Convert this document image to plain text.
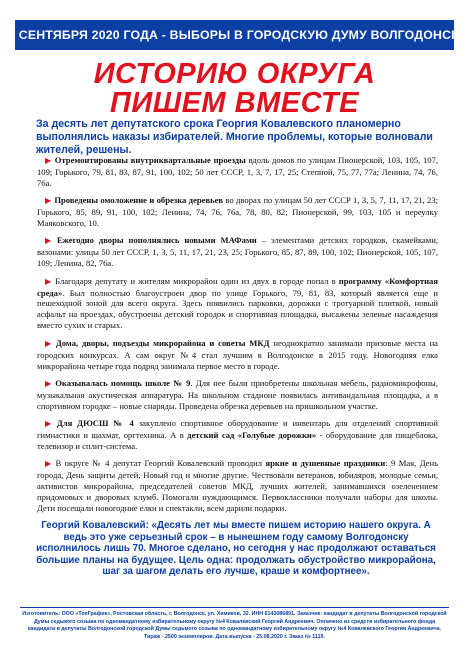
13 СЕНТЯБРЯ 2020 ГОДА - ВЫБОРЫ В ГОРОДСКУЮ ДУМУ ВОЛГОДОНСКА
ИСТОРИЮ ОКРУГА
ПИШЕМ ВМЕСТЕ
За десять лет депутатского срока Георгия Ковалевского планомерно выполнялись наказы избирателей. Многие проблемы, которые волновали жителей, решены.

▶ Отремонтированы внутриквартальные проезды вдоль домов по улицам Пионерской, 103, 105, 107, 109; Горького, 79, 81, 83, 87, 91, 100, 102; 50 лет СССР, 1, 3, 7, 17, 25; Степной, 75, 77, 77а; Ленина, 74, 76, 76а.

▶ Проведены омоложение и обрезка деревьев во дворах по улицам 50 лет СССР 1, 3, 5, 7, 11, 17, 21, 23; Горького, 85, 89, 91, 100, 102; Ленина, 74, 76, 76а, 78, 80, 82; Пионерской, 99, 103, 105 и переулку Маяковского, 10.

▶ Ежегодно дворы пополнялись новыми МАФами – элементами детских городков, скамейками, вазонами: улицы 50 лет СССР, 1, 3, 5, 11, 17, 21, 23, 25; Горького, 85, 87, 89, 100, 102; Пионерской, 105, 107, 109; Ленина, 82, 76а.

▶ Благодаря депутату и жителям микрорайон один из двух в городе попал в программу «Комфортная среда». Был полностью благоустроен двор по улице Горького, 79, 81, 83, который является еще и пешеходной зоной для всего округа. Здесь появились парковки, дорожки с тротуарной плиткой, новый асфальт на проездах, обустроены детский городок и спортивная площадка, высажены зеленые насаждения вместо сухих и старых.

▶ Дома, дворы, подъезды микрорайона и советы МКД неоднократно занимали призовые места на городских конкурсах. А сам округ №4 стал лучшим в Волгодонске в 2015 году. Новогодняя елка микрорайона четыре года подряд занимала первое место в городе.

▶ Оказывалась помощь школе № 9. Для нее были приобретены школьная мебель, радиомикрофоны, музыкальная акустическая аппаратура. На школьном стадионе появилась антивандальная площадка, а в спортивном городке – новые снаряды. Проведена обрезка деревьев на пришкольном участке.

▶ Для ДЮСШ № 4 закуплено спортивное оборудование и инвентарь для отделений спортивной гимнастики и шахмат, оргтехника. А в детский сад «Голубые дорожки» - оборудование для пищеблока, телевизор и сплит-система.

▶ В округе № 4 депутат Георгий Ковалевский проводил яркие и душевные праздники: 9 Мая, День города, День защиты детей, Новый год и многие другие. Чествовали ветеранов, юбиляров, молодые семьи, активистов микрорайона, председателей советов МКД, лучших жителей, занимавшихся озеленением придомовых и дворовых клумб. Помогали нуждающимся. Первоклассники получали наборы для школы. Дети посещали новогодние елки и спектакли, всем дарили подарки.

Георгий Ковалевский: «Десять лет мы вместе пишем историю нашего округа. А ведь это уже серьезный срок – в нынешнем году самому Волгодонску исполнилось лишь 70. Многое сделано, но сегодня у нас продолжают оставаться большие планы на будущее. Цель одна: продолжать обустройство микрорайона, шаг за шагом делать его лучше, краше и комфортнее».
Изготовитель: ООО «ТопГрафик», Ростовская область, г. Волгодонск, ул. Химиков, 32. ИНН 6143086891. Заказчик: кандидат в депутаты Волгодонской городской Думы седьмого созыва по одномандатному избирательному округу №4 Ковалевский Георгий Андреевич. Оплачено из средств избирательного фонда кандидата в депутаты Волгодонской городской Думы седьмого созыва по одномандатному избирательному округу №4 Ковалевского Георгия Андреевича. Тираж - 2500 экземпляров. Дата выпуска - 25.08.2020 г. Заказ № 1119.
